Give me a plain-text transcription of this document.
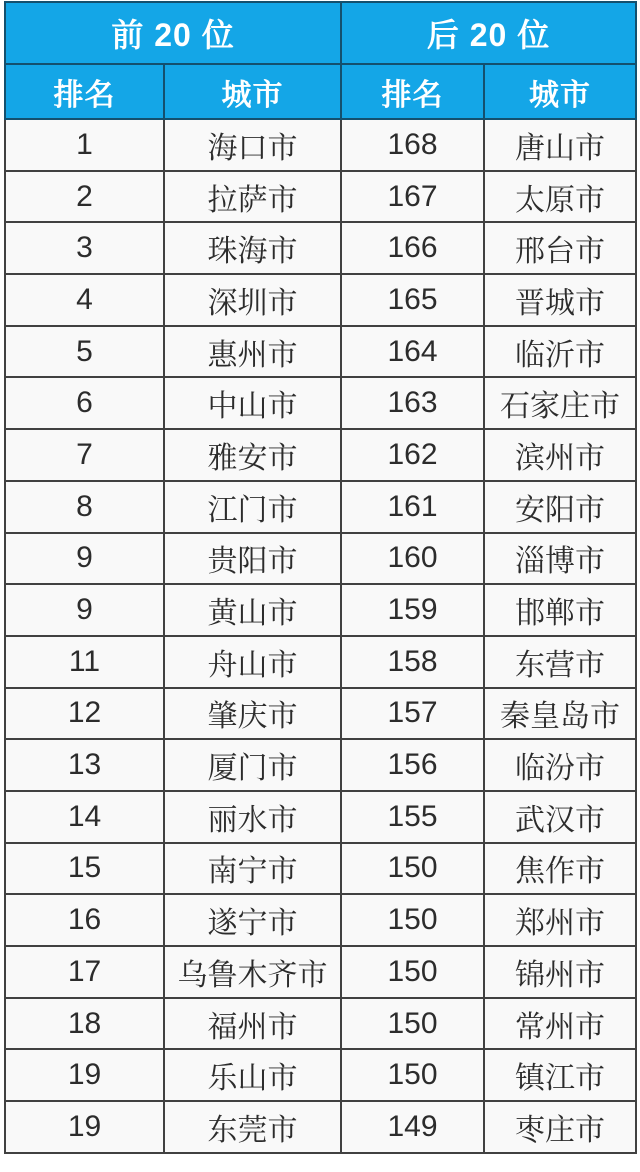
前 20 位		后 20 位	
排名	城市	排名	城市
1	海口市	168	唐山市
2	拉萨市	167	太原市
3	珠海市	166	邢台市
4	深圳市	165	晋城市
5	惠州市	164	临沂市
6	中山市	163	石家庄市
7	雅安市	162	滨州市
8	江门市	161	安阳市
9	贵阳市	160	淄博市
9	黄山市	159	邯郸市
11	舟山市	158	东营市
12	肇庆市	157	秦皇岛市
13	厦门市	156	临汾市
14	丽水市	155	武汉市
15	南宁市	150	焦作市
16	遂宁市	150	郑州市
17	乌鲁木齐市	150	锦州市
18	福州市	150	常州市
19	乐山市	150	镇江市
19	东莞市	149	枣庄市
